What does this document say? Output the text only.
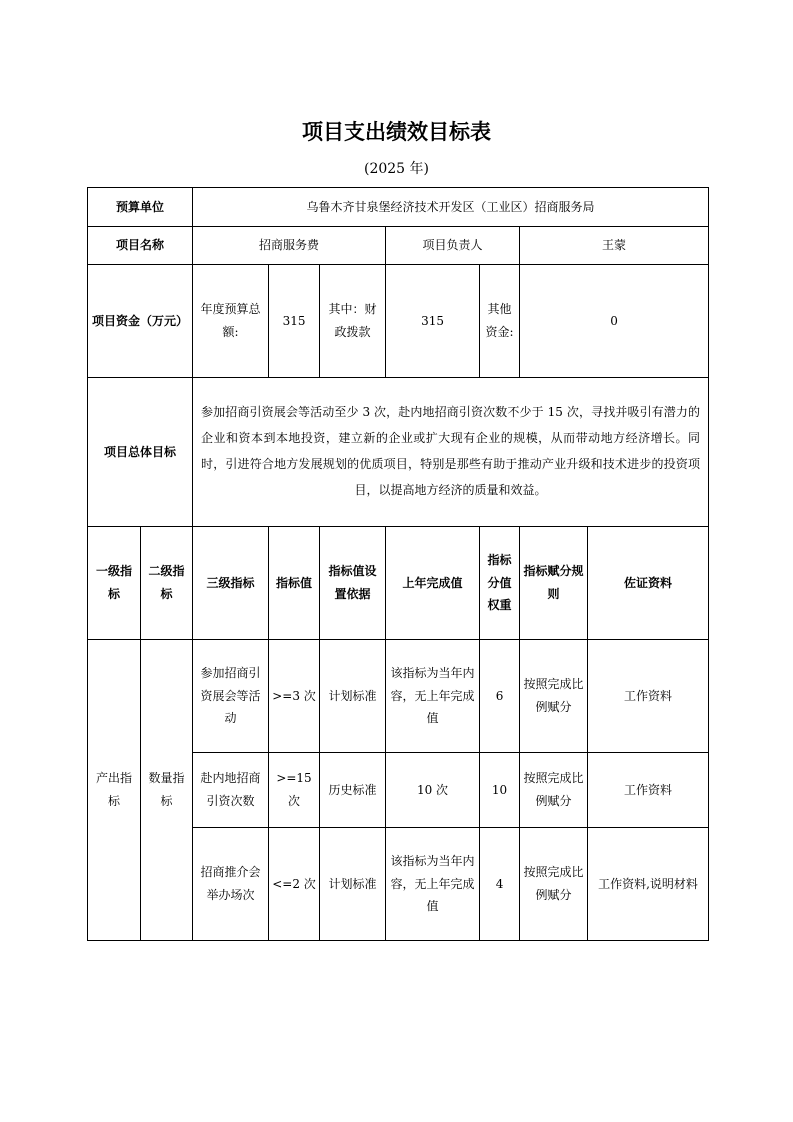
项目支出绩效目标表
(2025 年)
预算单位		乌鲁木齐甘泉堡经济技术开发区（工业区）招商服务局						
项目名称		招商服务费			项目负责人		王蒙	
项目资金（万元）		年度预算总额:	315	其中：财政拨款	315	其他资金:	0	
项目总体目标		参加招商引资展会等活动至少 3 次，赴内地招商引资次数不少于 15 次，寻找并吸引有潜力的企业和资本到本地投资，建立新的企业或扩大现有企业的规模，从而带动地方经济增长。同时，引进符合地方发展规划的优质项目，特别是那些有助于推动产业升级和技术进步的投资项目，以提高地方经济的质量和效益。						
一级指标	二级指标	三级指标	指标值	指标值设置依据	上年完成值	指标分值权重	指标赋分规则	佐证资料
产出指标	数量指标	参加招商引资展会等活动	>=3 次	计划标准	该指标为当年内容，无上年完成值	6	按照完成比例赋分	工作资料
		赴内地招商引资次数	>=15 次	历史标准	10 次	10	按照完成比例赋分	工作资料
		招商推介会举办场次	<=2 次	计划标准	该指标为当年内容，无上年完成值	4	按照完成比例赋分	工作资料,说明材料
